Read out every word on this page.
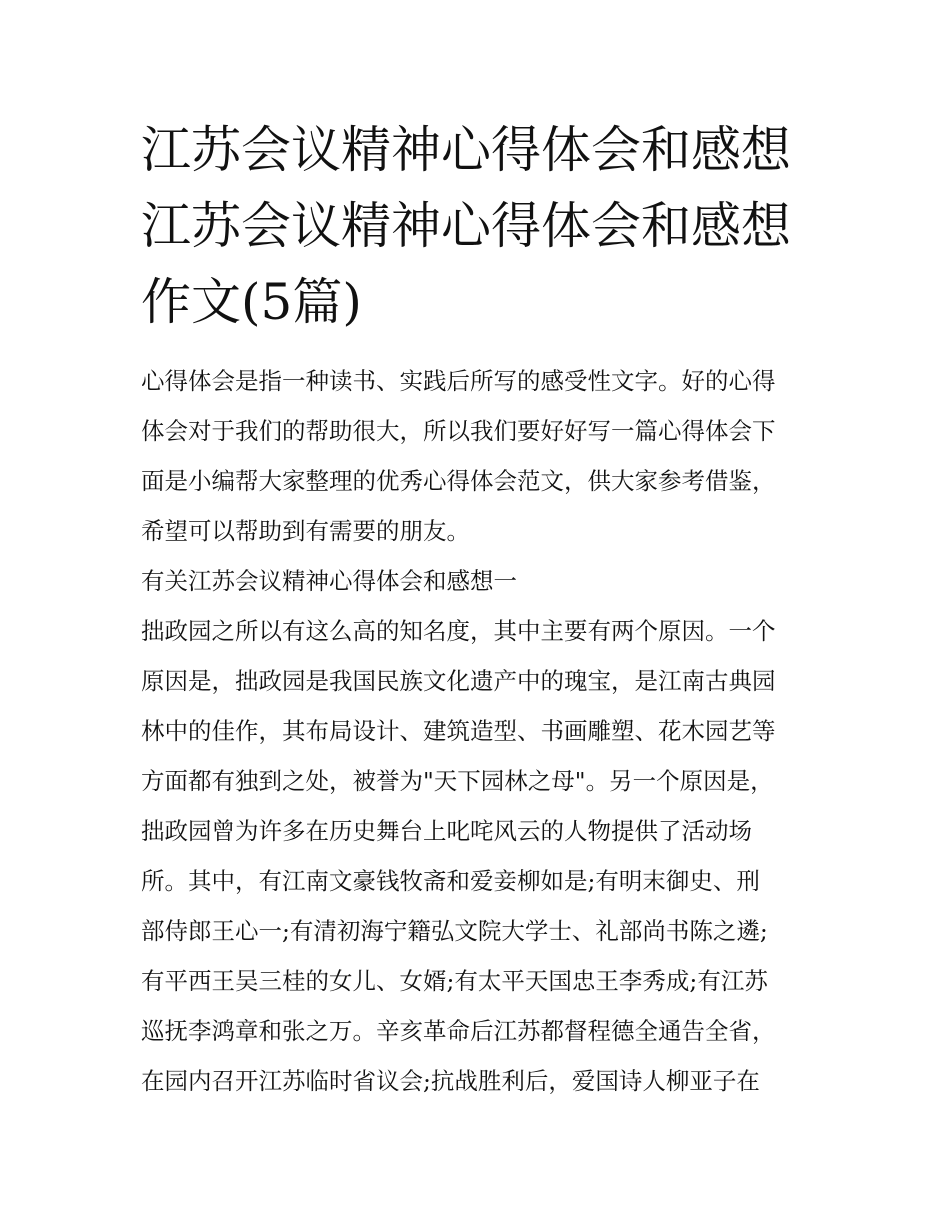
江苏会议精神心得体会和感想
江苏会议精神心得体会和感想
作文(5篇)

心得体会是指一种读书、实践后所写的感受性文字。好的心得
体会对于我们的帮助很大，所以我们要好好写一篇心得体会下
面是小编帮大家整理的优秀心得体会范文，供大家参考借鉴，
希望可以帮助到有需要的朋友。

有关江苏会议精神心得体会和感想一

拙政园之所以有这么高的知名度，其中主要有两个原因。一个
原因是，拙政园是我国民族文化遗产中的瑰宝，是江南古典园
林中的佳作，其布局设计、建筑造型、书画雕塑、花木园艺等
方面都有独到之处，被誉为"天下园林之母"。另一个原因是，
拙政园曾为许多在历史舞台上叱咤风云的人物提供了活动场
所。其中，有江南文豪钱牧斋和爱妾柳如是;有明末御史、刑
部侍郎王心一;有清初海宁籍弘文院大学士、礼部尚书陈之遴;
有平西王吴三桂的女儿、女婿;有太平天国忠王李秀成;有江苏
巡抚李鸿章和张之万。辛亥革命后江苏都督程德全通告全省，
在园内召开江苏临时省议会;抗战胜利后，爱国诗人柳亚子在
